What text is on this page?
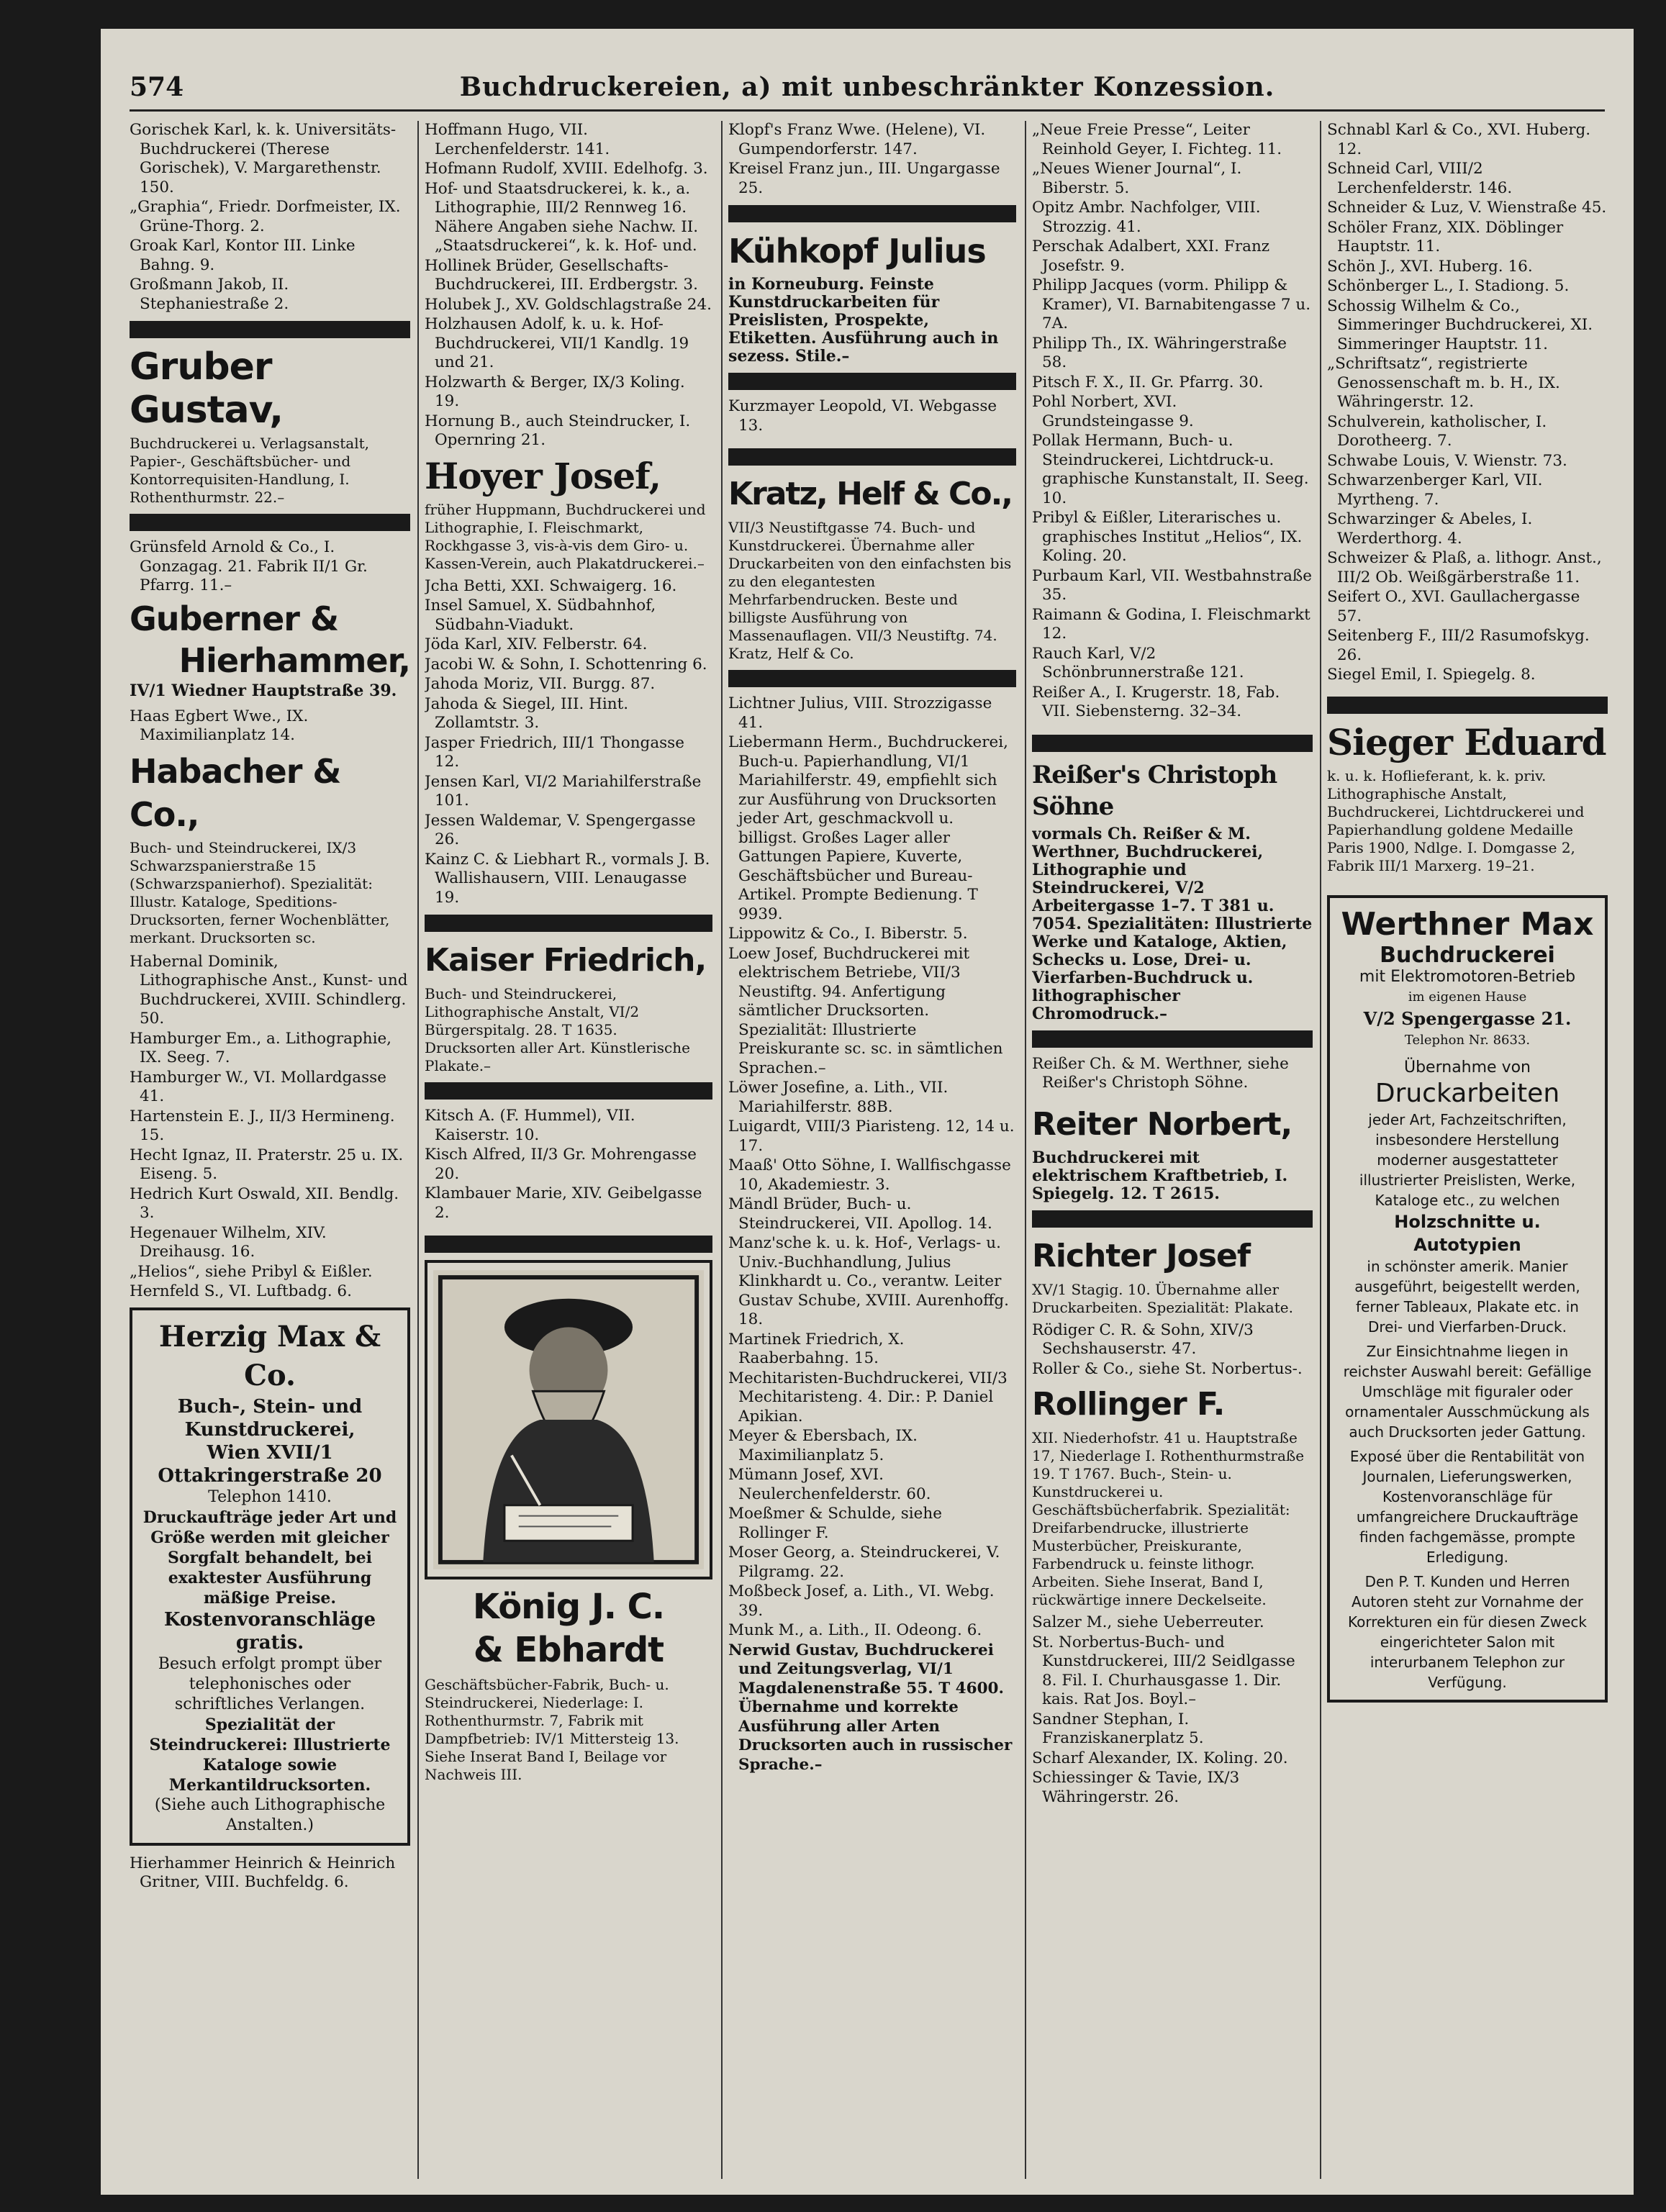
574	Buchdruckereien, a) mit unbeschränkter Konzession.
Gorischek Karl, k. k. Universitäts-Buchdruckerei (Therese Gorischek), V. Margarethenstr. 150.
„Graphia“, Friedr. Dorfmeister, IX. Grüne-Thorg. 2.
Groak Karl, Kontor III. Linke Bahng. 9.
Großmann Jakob, II. Stephaniestraße 2.
Gruber Gustav,
Buchdruckerei u. Verlagsanstalt, Papier-, Geschäftsbücher- und Kontorrequisiten-Handlung, I. Rothenthurmstr. 22.–
Grünsfeld Arnold & Co., I. Gonzagag. 21. Fabrik II/1 Gr. Pfarrg. 11.–
Guberner &
Hierhammer,
IV/1 Wiedner Hauptstraße 39.
Haas Egbert Wwe., IX. Maximilianplatz 14.
Habacher & Co.,
Buch- und Steindruckerei, IX/3 Schwarzspanierstraße 15 (Schwarzspanierhof). Spezialität: Illustr. Kataloge, Speditions-Drucksorten, ferner Wochenblätter, merkant. Drucksorten sc.
Habernal Dominik, Lithographische Anst., Kunst- und Buchdruckerei, XVIII. Schindlerg. 50.
Hamburger Em., a. Lithographie, IX. Seeg. 7.
Hamburger W., VI. Mollardgasse 41.
Hartenstein E. J., II/3 Hermineng. 15.
Hecht Ignaz, II. Praterstr. 25 u. IX. Eiseng. 5.
Hedrich Kurt Oswald, XII. Bendlg. 3.
Hegenauer Wilhelm, XIV. Dreihausg. 16.
„Helios“, siehe Pribyl & Eißler.
Hernfeld S., VI. Luftbadg. 6.
Herzig Max & Co.
Buch-, Stein- und Kunstdruckerei,
Wien XVII/1
Ottakringerstraße 20
Telephon 1410.
Druckaufträge jeder Art und Größe werden mit gleicher Sorgfalt behandelt, bei exaktester Ausführung mäßige Preise.
Kostenvoranschläge gratis.
Besuch erfolgt prompt über telephonisches oder schriftliches Verlangen.
Spezialität der Steindruckerei: Illustrierte Kataloge sowie Merkantildrucksorten.
(Siehe auch Lithographische Anstalten.)
Hierhammer Heinrich & Heinrich Gritner, VIII. Buchfeldg. 6.
Hoffmann Hugo, VII. Lerchenfelderstr. 141.
Hofmann Rudolf, XVIII. Edelhofg. 3.
Hof- und Staatsdruckerei, k. k., a. Lithographie, III/2 Rennweg 16. Nähere Angaben siehe Nachw. II. „Staatsdruckerei“, k. k. Hof- und.
Hollinek Brüder, Gesellschafts-Buchdruckerei, III. Erdbergstr. 3.
Holubek J., XV. Goldschlagstraße 24.
Holzhausen Adolf, k. u. k. Hof-Buchdruckerei, VII/1 Kandlg. 19 und 21.
Holzwarth & Berger, IX/3 Koling. 19.
Hornung B., auch Steindrucker, I. Opernring 21.
Hoyer Josef,
früher Huppmann, Buchdruckerei und Lithographie, I. Fleischmarkt, Rockhgasse 3, vis-à-vis dem Giro- u. Kassen-Verein, auch Plakatdruckerei.–
Jcha Betti, XXI. Schwaigerg. 16.
Insel Samuel, X. Südbahnhof, Südbahn-Viadukt.
Jöda Karl, XIV. Felberstr. 64.
Jacobi W. & Sohn, I. Schottenring 6.
Jahoda Moriz, VII. Burgg. 87.
Jahoda & Siegel, III. Hint. Zollamtstr. 3.
Jasper Friedrich, III/1 Thongasse 12.
Jensen Karl, VI/2 Mariahilferstraße 101.
Jessen Waldemar, V. Spengergasse 26.
Kainz C. & Liebhart R., vormals J. B. Wallishausern, VIII. Lenaugasse 19.
Kaiser Friedrich,
Buch- und Steindruckerei, Lithographische Anstalt, VI/2 Bürgerspitalg. 28. T 1635. Drucksorten aller Art. Künstlerische Plakate.–
Kitsch A. (F. Hummel), VII. Kaiserstr. 10.
Kisch Alfred, II/3 Gr. Mohrengasse 20.
Klambauer Marie, XIV. Geibelgasse 2.
König J. C.
& Ebhardt
Geschäftsbücher-Fabrik, Buch- u. Steindruckerei, Niederlage: I. Rothenthurmstr. 7, Fabrik mit Dampfbetrieb: IV/1 Mittersteig 13. Siehe Inserat Band I, Beilage vor Nachweis III.
Klopf's Franz Wwe. (Helene), VI. Gumpendorferstr. 147.
Kreisel Franz jun., III. Ungargasse 25.
Kühkopf Julius
in Korneuburg. Feinste Kunstdruckarbeiten für Preislisten, Prospekte, Etiketten. Ausführung auch in sezess. Stile.–
Kurzmayer Leopold, VI. Webgasse 13.
Kratz, Helf & Co.,
VII/3 Neustiftgasse 74. Buch- und Kunstdruckerei. Übernahme aller Druckarbeiten von den einfachsten bis zu den elegantesten Mehrfarbendrucken. Beste und billigste Ausführung von Massenauflagen. VII/3 Neustiftg. 74. Kratz, Helf & Co.
Lichtner Julius, VIII. Strozzigasse 41.
Liebermann Herm., Buchdruckerei, Buch-u. Papierhandlung, VI/1 Mariahilferstr. 49, empfiehlt sich zur Ausführung von Drucksorten jeder Art, geschmackvoll u. billigst. Großes Lager aller Gattungen Papiere, Kuverte, Geschäftsbücher und Bureau-Artikel. Prompte Bedienung. T 9939.
Lippowitz & Co., I. Biberstr. 5.
Loew Josef, Buchdruckerei mit elektrischem Betriebe, VII/3 Neustiftg. 94. Anfertigung sämtlicher Drucksorten. Spezialität: Illustrierte Preiskurante sc. sc. in sämtlichen Sprachen.–
Löwer Josefine, a. Lith., VII. Mariahilferstr. 88B.
Luigardt, VIII/3 Piaristeng. 12, 14 u. 17.
Maaß' Otto Söhne, I. Wallfischgasse 10, Akademiestr. 3.
Mändl Brüder, Buch- u. Steindruckerei, VII. Apollog. 14.
Manz'sche k. u. k. Hof-, Verlags- u. Univ.-Buchhandlung, Julius Klinkhardt u. Co., verantw. Leiter Gustav Schube, XVIII. Aurenhoffg. 18.
Martinek Friedrich, X. Raaberbahng. 15.
Mechitaristen-Buchdruckerei, VII/3 Mechitaristeng. 4. Dir.: P. Daniel Apikian.
Meyer & Ebersbach, IX. Maximilianplatz 5.
Mümann Josef, XVI. Neulerchenfelderstr. 60.
Moeßmer & Schulde, siehe Rollinger F.
Moser Georg, a. Steindruckerei, V. Pilgramg. 22.
Moßbeck Josef, a. Lith., VI. Webg. 39.
Munk M., a. Lith., II. Odeong. 6.
Nerwid Gustav, Buchdruckerei und Zeitungsverlag, VI/1 Magdalenenstraße 55. T 4600. Übernahme und korrekte Ausführung aller Arten Drucksorten auch in russischer Sprache.–
„Neue Freie Presse“, Leiter Reinhold Geyer, I. Fichteg. 11.
„Neues Wiener Journal“, I. Biberstr. 5.
Opitz Ambr. Nachfolger, VIII. Strozzig. 41.
Perschak Adalbert, XXI. Franz Josefstr. 9.
Philipp Jacques (vorm. Philipp & Kramer), VI. Barnabitengasse 7 u. 7A.
Philipp Th., IX. Währingerstraße 58.
Pitsch F. X., II. Gr. Pfarrg. 30.
Pohl Norbert, XVI. Grundsteingasse 9.
Pollak Hermann, Buch- u. Steindruckerei, Lichtdruck-u. graphische Kunstanstalt, II. Seeg. 10.
Pribyl & Eißler, Literarisches u. graphisches Institut „Helios“, IX. Koling. 20.
Purbaum Karl, VII. Westbahnstraße 35.
Raimann & Godina, I. Fleischmarkt 12.
Rauch Karl, V/2 Schönbrunnerstraße 121.
Reißer A., I. Krugerstr. 18, Fab. VII. Siebensterng. 32–34.
Reißer's Christoph Söhne
vormals Ch. Reißer & M. Werthner, Buchdruckerei, Lithographie und Steindruckerei, V/2 Arbeitergasse 1–7. T 381 u. 7054. Spezialitäten: Illustrierte Werke und Kataloge, Aktien, Schecks u. Lose, Drei- u. Vierfarben-Buchdruck u. lithographischer Chromodruck.–
Reißer Ch. & M. Werthner, siehe Reißer's Christoph Söhne.
Reiter Norbert,
Buchdruckerei mit elektrischem Kraftbetrieb, I. Spiegelg. 12. T 2615.
Richter Josef
XV/1 Stagig. 10. Übernahme aller Druckarbeiten. Spezialität: Plakate.
Rödiger C. R. & Sohn, XIV/3 Sechshauserstr. 47.
Roller & Co., siehe St. Norbertus-.
Rollinger F.
XII. Niederhofstr. 41 u. Hauptstraße 17, Niederlage I. Rothenthurmstraße 19. T 1767. Buch-, Stein- u. Kunstdruckerei u. Geschäftsbücherfabrik. Spezialität: Dreifarbendrucke, illustrierte Musterbücher, Preiskurante, Farbendruck u. feinste lithogr. Arbeiten. Siehe Inserat, Band I, rückwärtige innere Deckelseite.
Salzer M., siehe Ueberreuter.
St. Norbertus-Buch- und Kunstdruckerei, III/2 Seidlgasse 8. Fil. I. Churhausgasse 1. Dir. kais. Rat Jos. Boyl.–
Sandner Stephan, I. Franziskanerplatz 5.
Scharf Alexander, IX. Koling. 20.
Schiessinger & Tavie, IX/3 Währingerstr. 26.
Schnabl Karl & Co., XVI. Huberg. 12.
Schneid Carl, VIII/2 Lerchenfelderstr. 146.
Schneider & Luz, V. Wienstraße 45.
Schöler Franz, XIX. Döblinger Hauptstr. 11.
Schön J., XVI. Huberg. 16.
Schönberger L., I. Stadiong. 5.
Schossig Wilhelm & Co., Simmeringer Buchdruckerei, XI. Simmeringer Hauptstr. 11.
„Schriftsatz“, registrierte Genossenschaft m. b. H., IX. Währingerstr. 12.
Schulverein, katholischer, I. Dorotheerg. 7.
Schwabe Louis, V. Wienstr. 73.
Schwarzenberger Karl, VII. Myrtheng. 7.
Schwarzinger & Abeles, I. Werderthorg. 4.
Schweizer & Plaß, a. lithogr. Anst., III/2 Ob. Weißgärberstraße 11.
Seifert O., XVI. Gaullachergasse 57.
Seitenberg F., III/2 Rasumofskyg. 26.
Siegel Emil, I. Spiegelg. 8.
Sieger Eduard
k. u. k. Hoflieferant, k. k. priv. Lithographische Anstalt, Buchdruckerei, Lichtdruckerei und Papierhandlung goldene Medaille Paris 1900, Ndlge. I. Domgasse 2, Fabrik III/1 Marxerg. 19–21.
Werthner Max
Buchdruckerei
mit Elektromotoren-Betrieb
im eigenen Hause
V/2 Spengergasse 21.
Telephon Nr. 8633.
Übernahme von
Druckarbeiten
jeder Art, Fachzeitschriften, insbesondere Herstellung moderner ausgestatteter illustrierter Preislisten, Werke, Kataloge etc., zu welchen
Holzschnitte u. Autotypien
in schönster amerik. Manier ausgeführt, beigestellt werden, ferner Tableaux, Plakate etc. in Drei- und Vierfarben-Druck.
Zur Einsichtnahme liegen in reichster Auswahl bereit: Gefällige Umschläge mit figuraler oder ornamentaler Ausschmückung als auch Drucksorten jeder Gattung.
Exposé über die Rentabilität von Journalen, Lieferungswerken, Kostenvoranschläge für umfangreichere Druckaufträge finden fachgemässe, prompte Erledigung.
Den P. T. Kunden und Herren Autoren steht zur Vornahme der Korrekturen ein für diesen Zweck eingerichteter Salon mit interurbanem Telephon zur Verfügung.
